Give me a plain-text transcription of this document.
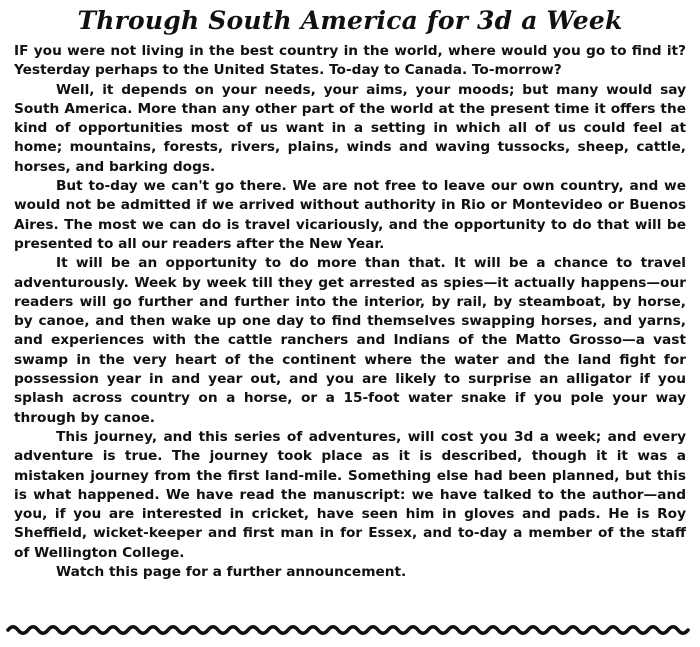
Through South America for 3d a Week

IF you were not living in the best country in the world, where would you go to find it? Yesterday perhaps to the United States. To-day to Canada. To-morrow?

Well, it depends on your needs, your aims, your moods; but many would say South America. More than any other part of the world at the present time it offers the kind of opportunities most of us want in a setting in which all of us could feel at home; mountains, forests, rivers, plains, winds and waving tussocks, sheep, cattle, horses, and barking dogs.

But to-day we can't go there. We are not free to leave our own country, and we would not be admitted if we arrived without authority in Rio or Montevideo or Buenos Aires. The most we can do is travel vicariously, and the opportunity to do that will be presented to all our readers after the New Year.

It will be an opportunity to do more than that. It will be a chance to travel adventurously. Week by week till they get arrested as spies—it actually happens—our readers will go further and further into the interior, by rail, by steamboat, by horse, by canoe, and then wake up one day to find themselves swapping horses, and yarns, and experiences with the cattle ranchers and Indians of the Matto Grosso—a vast swamp in the very heart of the continent where the water and the land fight for possession year in and year out, and you are likely to surprise an alligator if you splash across country on a horse, or a 15-foot water snake if you pole your way through by canoe.

This journey, and this series of adventures, will cost you 3d a week; and every adventure is true. The journey took place as it is described, though it it was a mistaken journey from the first land-mile. Something else had been planned, but this is what happened. We have read the manuscript: we have talked to the author—and you, if you are interested in cricket, have seen him in gloves and pads. He is Roy Sheffield, wicket-keeper and first man in for Essex, and to-day a member of the staff of Wellington College.

Watch this page for a further announcement.
